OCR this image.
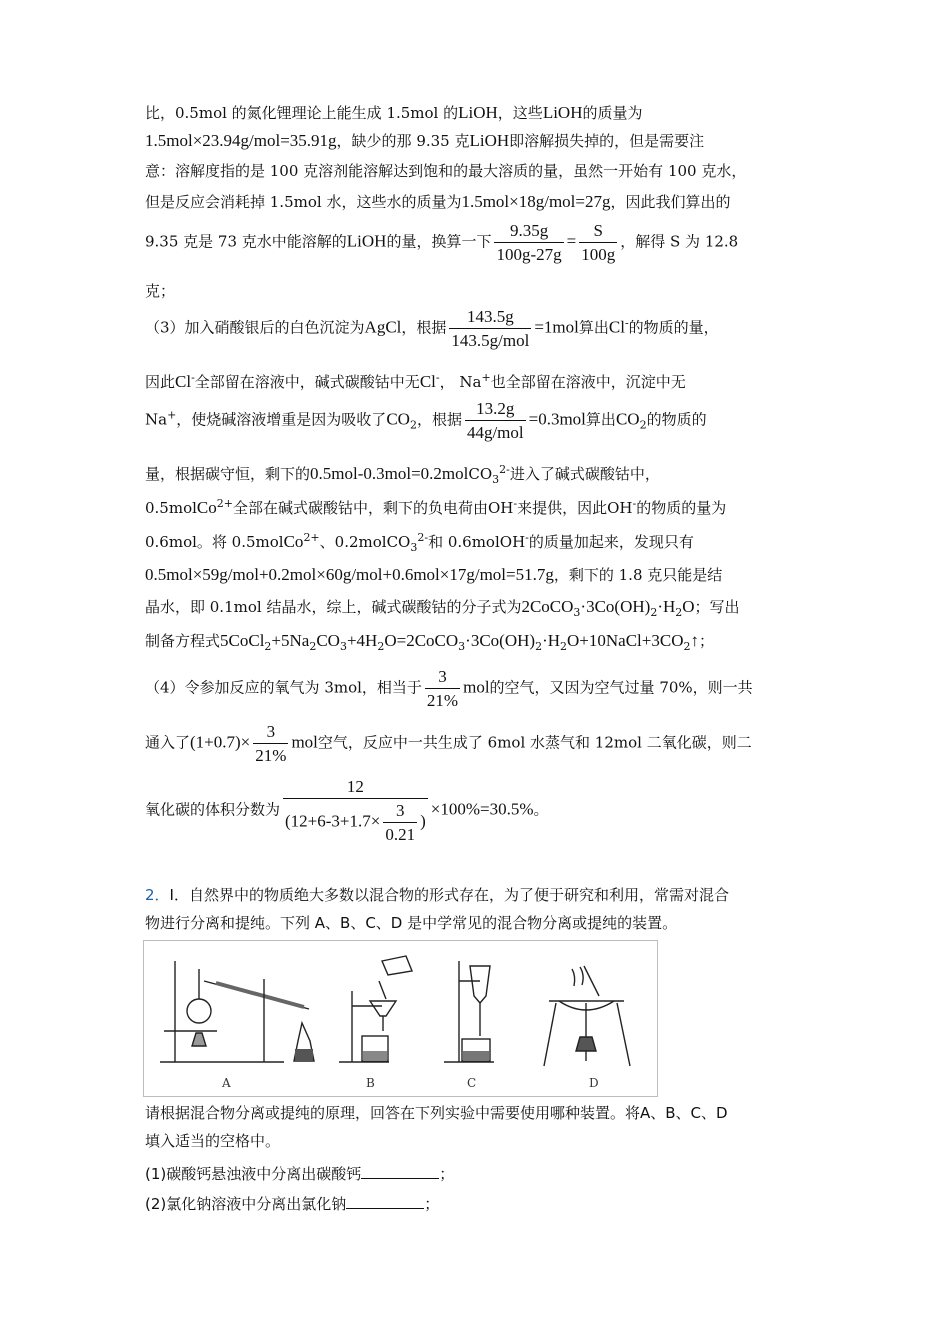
比，0.5mol 的氮化锂理论上能生成 1.5mol 的LiOH，这些LiOH的质量为
1.5mol×23.94g/mol=35.91g，缺少的那 9.35 克LiOH即溶解损失掉的，但是需要注
意：溶解度指的是 100 克溶剂能溶解达到饱和的最大溶质的量，虽然一开始有 100 克水，
但是反应会消耗掉 1.5mol 水，这些水的质量为1.5mol×18g/mol=27g，因此我们算出的
9.35 克是 73 克水中能溶解的LiOH的量，换算一下 $\frac{9.35g}{100g-27g} = \frac{S}{100g}$ ，解得 S 为 12.8
克；
（3）加入硝酸银后的白色沉淀为AgCl，根据 $\frac{143.5g}{\text{143.5g/mol}} =1mol$算出Cl-的物质的量，
因此Cl-全部留在溶液中，碱式碳酸钴中无Cl-， Na+也全部留在溶液中，沉淀中无
Na+，使烧碱溶液增重是因为吸收了$CO_2$，根据 $\frac{13.2g}{\text{44g/mol}} =0.3mol$算出$CO_2$的物质的
量，根据碳守恒，剩下的0.5mol-0.3mol=0.2molCO$_3^{2-}$进入了碱式碳酸钴中，
0.5molCo$^{2+}$全部在碱式碳酸钴中，剩下的负电荷由OH-来提供，因此OH-的物质的量为
0.6mol。将 0.5molCo$^{2+}$、0.2molCO$_3^{2-}$和 0.6molOH-的质量加起来，发现只有
0.5mol×59g/mol+0.2mol×60g/mol+0.6mol×17g/mol=51.7g，剩下的 1.8 克只能是结
晶水，即 0.1mol 结晶水，综上，碱式碳酸钴的分子式为$2CoCO_3\cdot 3Co(OH)_2\cdot H_2O$；写出
制备方程式$5CoCl_2+5Na_2CO_3+4H_2O=2CoCO_3\cdot 3Co(OH)_2\cdot H_2O+10NaCl+3CO_2↑$；
（4）令参加反应的氧气为 3mol，相当于 $\frac{3}{21\%}$ mol的空气，又因为空气过量 70%，则一共
通入了$(1+0.7)\times \frac{3}{21\%}$ mol空气，反应中一共生成了 6mol 水蒸气和 12mol 二氧化碳，则二
氧化碳的体积分数为 $\frac{12}{(12+6-3+1.7\times \frac{3}{0.21} )} \times 100\%=30.5\%$。
2．I．自然界中的物质绝大多数以混合物的形式存在，为了便于研究和利用，常需对混合
物进行分离和提纯。下列 A、B、C、D 是中学常见的混合物分离或提纯的装置。
A	B	C	D
请根据混合物分离或提纯的原理，回答在下列实验中需要使用哪种装置。将A、B、C、D
填入适当的空格中。
(1)碳酸钙悬浊液中分离出碳酸钙	；
(2)氯化钠溶液中分离出氯化钠	；
